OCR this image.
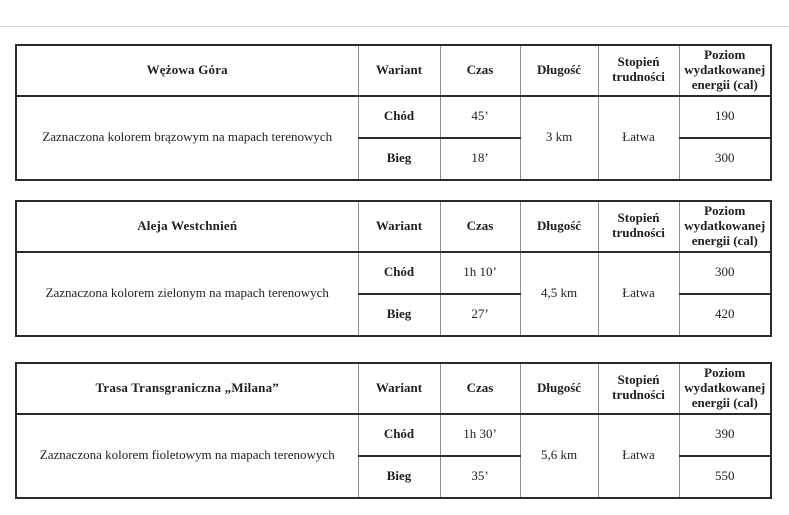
Wężowa Góra	Wariant	Czas	Długość	Stopień trudności	Poziom wydatkowanej energii (cal)
Zaznaczona kolorem brązowym na mapach terenowych	Chód	45’	3 km	Łatwa	190
	Bieg	18’			300
Aleja Westchnień	Wariant	Czas	Długość	Stopień trudności	Poziom wydatkowanej energii (cal)
Zaznaczona kolorem zielonym na mapach terenowych	Chód	1h 10’	4,5 km	Łatwa	300
	Bieg	27’			420
Trasa Transgraniczna „Milana”	Wariant	Czas	Długość	Stopień trudności	Poziom wydatkowanej energii (cal)
Zaznaczona kolorem fioletowym na mapach terenowych	Chód	1h 30’	5,6 km	Łatwa	390
	Bieg	35’			550
